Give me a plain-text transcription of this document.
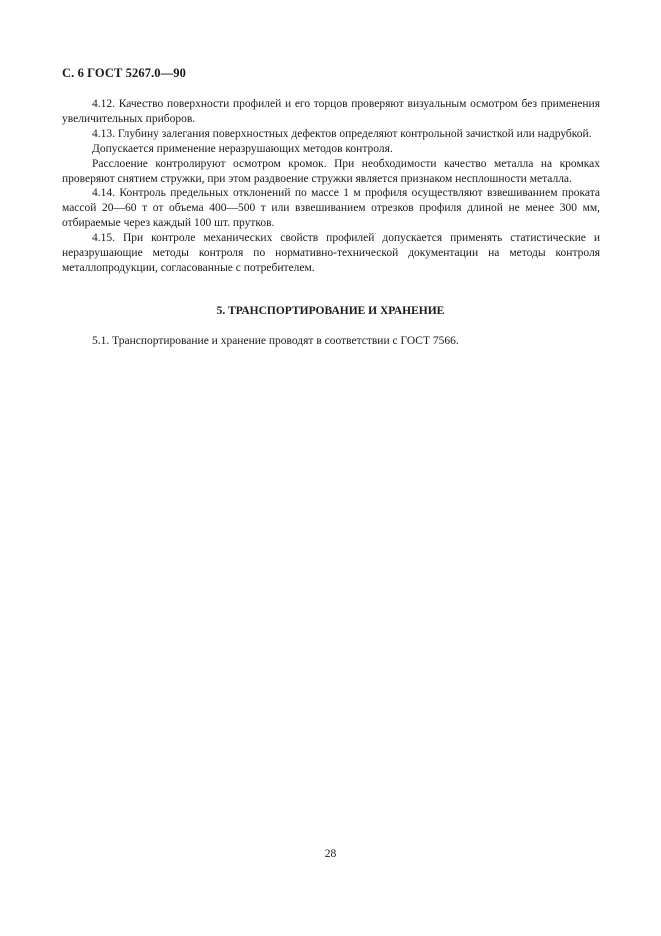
С. 6 ГОСТ 5267.0—90

4.12. Качество поверхности профилей и его торцов проверяют визуальным осмотром без применения увеличительных приборов.

4.13. Глубину залегания поверхностных дефектов определяют контрольной зачисткой или надрубкой.

Допускается применение неразрушающих методов контроля.

Расслоение контролируют осмотром кромок. При необходимости качество металла на кромках проверяют снятием стружки, при этом раздвоение стружки является признаком несплошности металла.

4.14. Контроль предельных отклонений по массе 1 м профиля осуществляют взвешиванием проката массой 20—60 т от объема 400—500 т или взвешиванием отрезков профиля длиной не менее 300 мм, отбираемые через каждый 100 шт. прутков.

4.15. При контроле механических свойств профилей допускается применять статистические и неразрушающие методы контроля по нормативно-технической документации на методы контроля металлопродукции, согласованные с потребителем.

5. ТРАНСПОРТИРОВАНИЕ И ХРАНЕНИЕ

5.1. Транспортирование и хранение проводят в соответствии с ГОСТ 7566.

28
